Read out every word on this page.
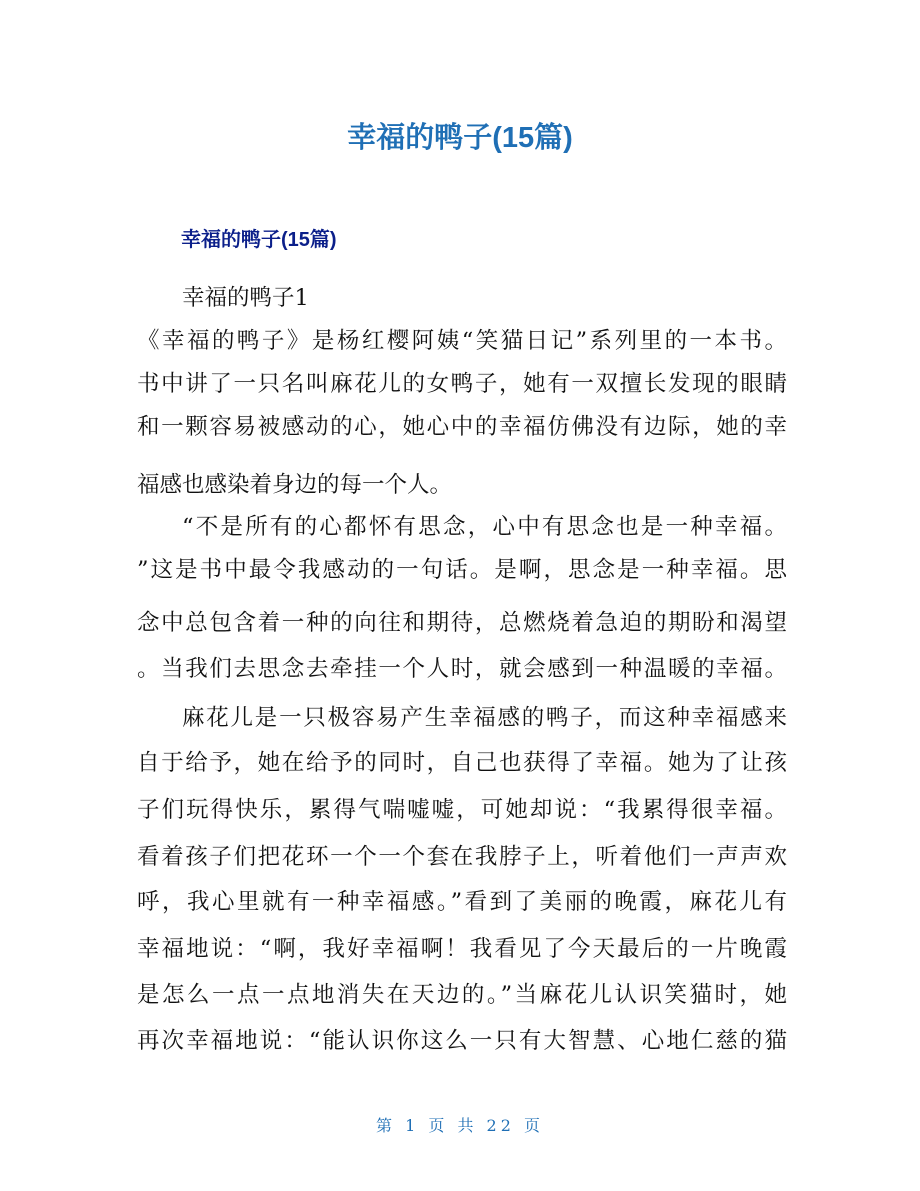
幸福的鸭子(15篇)
幸福的鸭子(15篇)
幸福的鸭子1
《幸福的鸭子》是杨红樱阿姨“笑猫日记”系列里的一本书。
书中讲了一只名叫麻花儿的女鸭子，她有一双擅长发现的眼睛
和一颗容易被感动的心，她心中的幸福仿佛没有边际，她的幸
福感也感染着身边的每一个人。
“不是所有的心都怀有思念，心中有思念也是一种幸福。
”这是书中最令我感动的一句话。是啊，思念是一种幸福。思
念中总包含着一种的向往和期待，总燃烧着急迫的期盼和渴望
。当我们去思念去牵挂一个人时，就会感到一种温暖的幸福。
麻花儿是一只极容易产生幸福感的鸭子，而这种幸福感来
自于给予，她在给予的同时，自己也获得了幸福。她为了让孩
子们玩得快乐，累得气喘嘘嘘，可她却说：“我累得很幸福。
看着孩子们把花环一个一个套在我脖子上，听着他们一声声欢
呼，我心里就有一种幸福感。”看到了美丽的晚霞，麻花儿有
幸福地说：“啊，我好幸福啊！我看见了今天最后的一片晚霞
是怎么一点一点地消失在天边的。”当麻花儿认识笑猫时，她
再次幸福地说：“能认识你这么一只有大智慧、心地仁慈的猫
第 1 页 共 22 页
